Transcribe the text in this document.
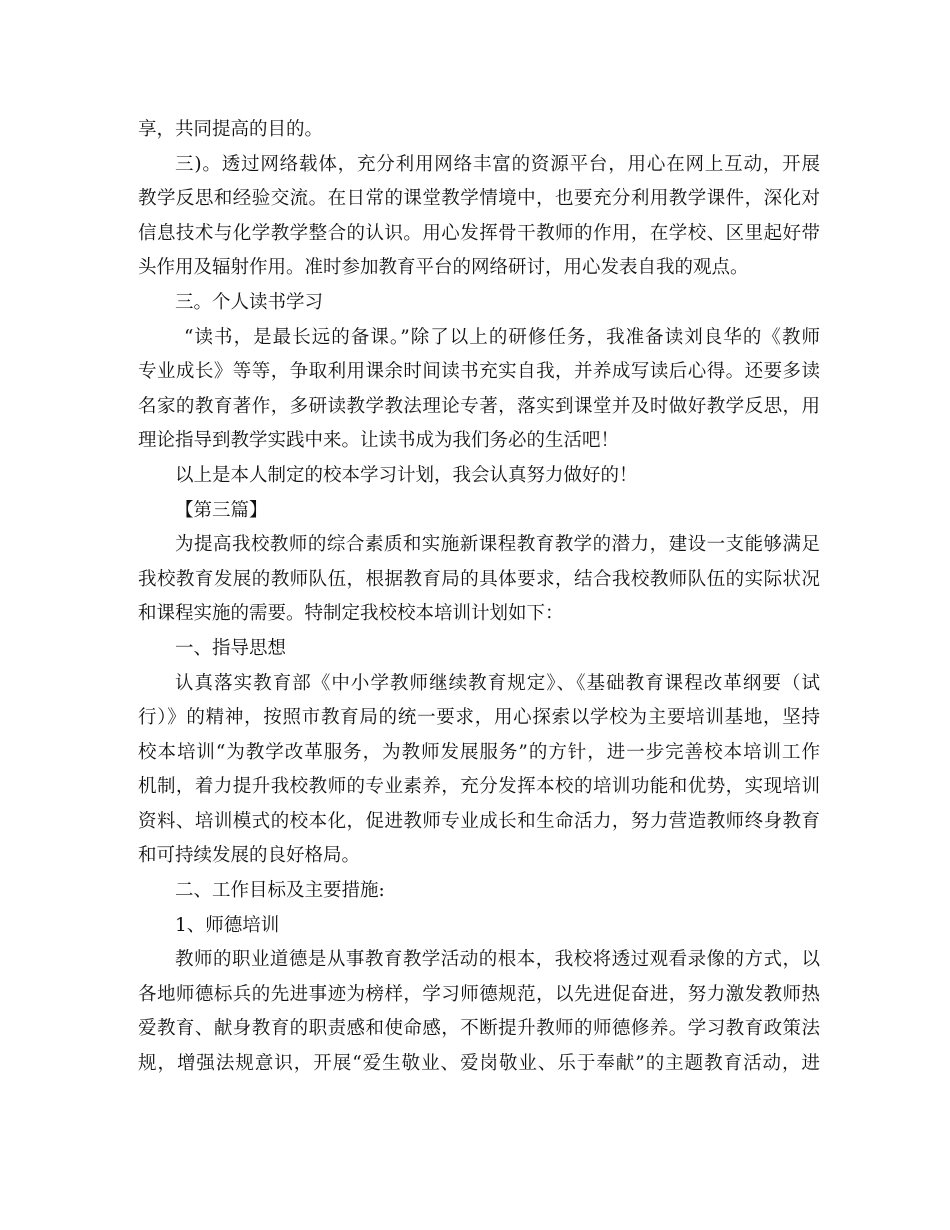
享，共同提高的目的。
三)。透过网络载体，充分利用网络丰富的资源平台，用心在网上互动，开展
教学反思和经验交流。在日常的课堂教学情境中，也要充分利用教学课件，深化对
信息技术与化学教学整合的认识。用心发挥骨干教师的作用，在学校、区里起好带
头作用及辐射作用。准时参加教育平台的网络研讨，用心发表自我的观点。
三。个人读书学习
“读书，是最长远的备课。”除了以上的研修任务，我准备读刘良华的《教师
专业成长》等等，争取利用课余时间读书充实自我，并养成写读后心得。还要多读
名家的教育著作，多研读教学教法理论专著，落实到课堂并及时做好教学反思，用
理论指导到教学实践中来。让读书成为我们务必的生活吧！
以上是本人制定的校本学习计划，我会认真努力做好的！
【第三篇】
为提高我校教师的综合素质和实施新课程教育教学的潜力，建设一支能够满足
我校教育发展的教师队伍，根据教育局的具体要求，结合我校教师队伍的实际状况
和课程实施的需要。特制定我校校本培训计划如下：
一、指导思想
认真落实教育部《中小学教师继续教育规定》、《基础教育课程改革纲要（试
行）》的精神，按照市教育局的统一要求，用心探索以学校为主要培训基地，坚持
校本培训“为教学改革服务，为教师发展服务”的方针，进一步完善校本培训工作
机制，着力提升我校教师的专业素养，充分发挥本校的培训功能和优势，实现培训
资料、培训模式的校本化，促进教师专业成长和生命活力，努力营造教师终身教育
和可持续发展的良好格局。
二、工作目标及主要措施:
1、师德培训
教师的职业道德是从事教育教学活动的根本，我校将透过观看录像的方式，以
各地师德标兵的先进事迹为榜样，学习师德规范，以先进促奋进，努力激发教师热
爱教育、献身教育的职责感和使命感，不断提升教师的师德修养。学习教育政策法
规，增强法规意识，开展“爱生敬业、爱岗敬业、乐于奉献”的主题教育活动，进
